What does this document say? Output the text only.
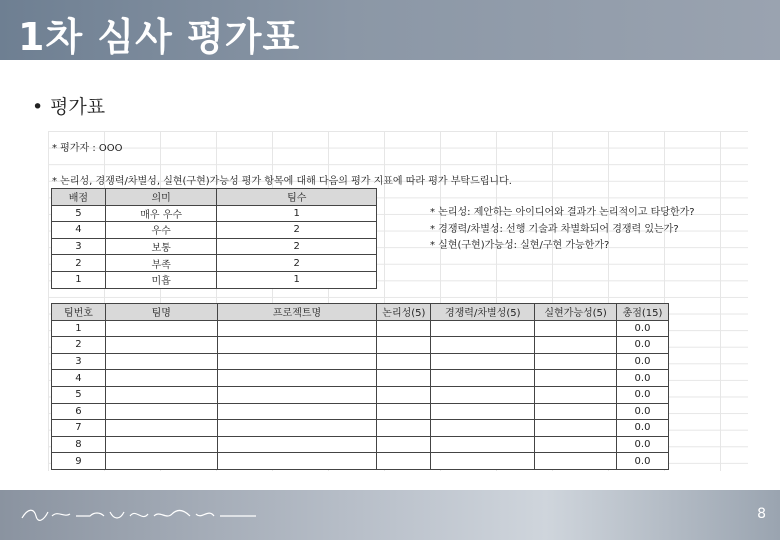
1차 심사 평가표
• 평가표
* 평가자 : OOO
* 논리성, 경쟁력/차별성, 실현(구현)가능성 평가 항목에 대해 다음의 평가 지표에 따라 평가 부탁드립니다.
배점	의미	팀수
5	매우 우수	1
4	우수	2
3	보통	2
2	부족	2
1	미흡	1
* 논리성: 제안하는 아이디어와 결과가 논리적이고 타당한가?
* 경쟁력/차별성: 선행 기술과 차별화되어 경쟁력 있는가?
* 실현(구현)가능성: 실현/구현 가능한가?
팀번호	팀명	프로젝트명	논리성(5)	경쟁력/차별성(5)	실현가능성(5)	총점(15)
1						0.0
2						0.0
3						0.0
4						0.0
5						0.0
6						0.0
7						0.0
8						0.0
9						0.0
8
